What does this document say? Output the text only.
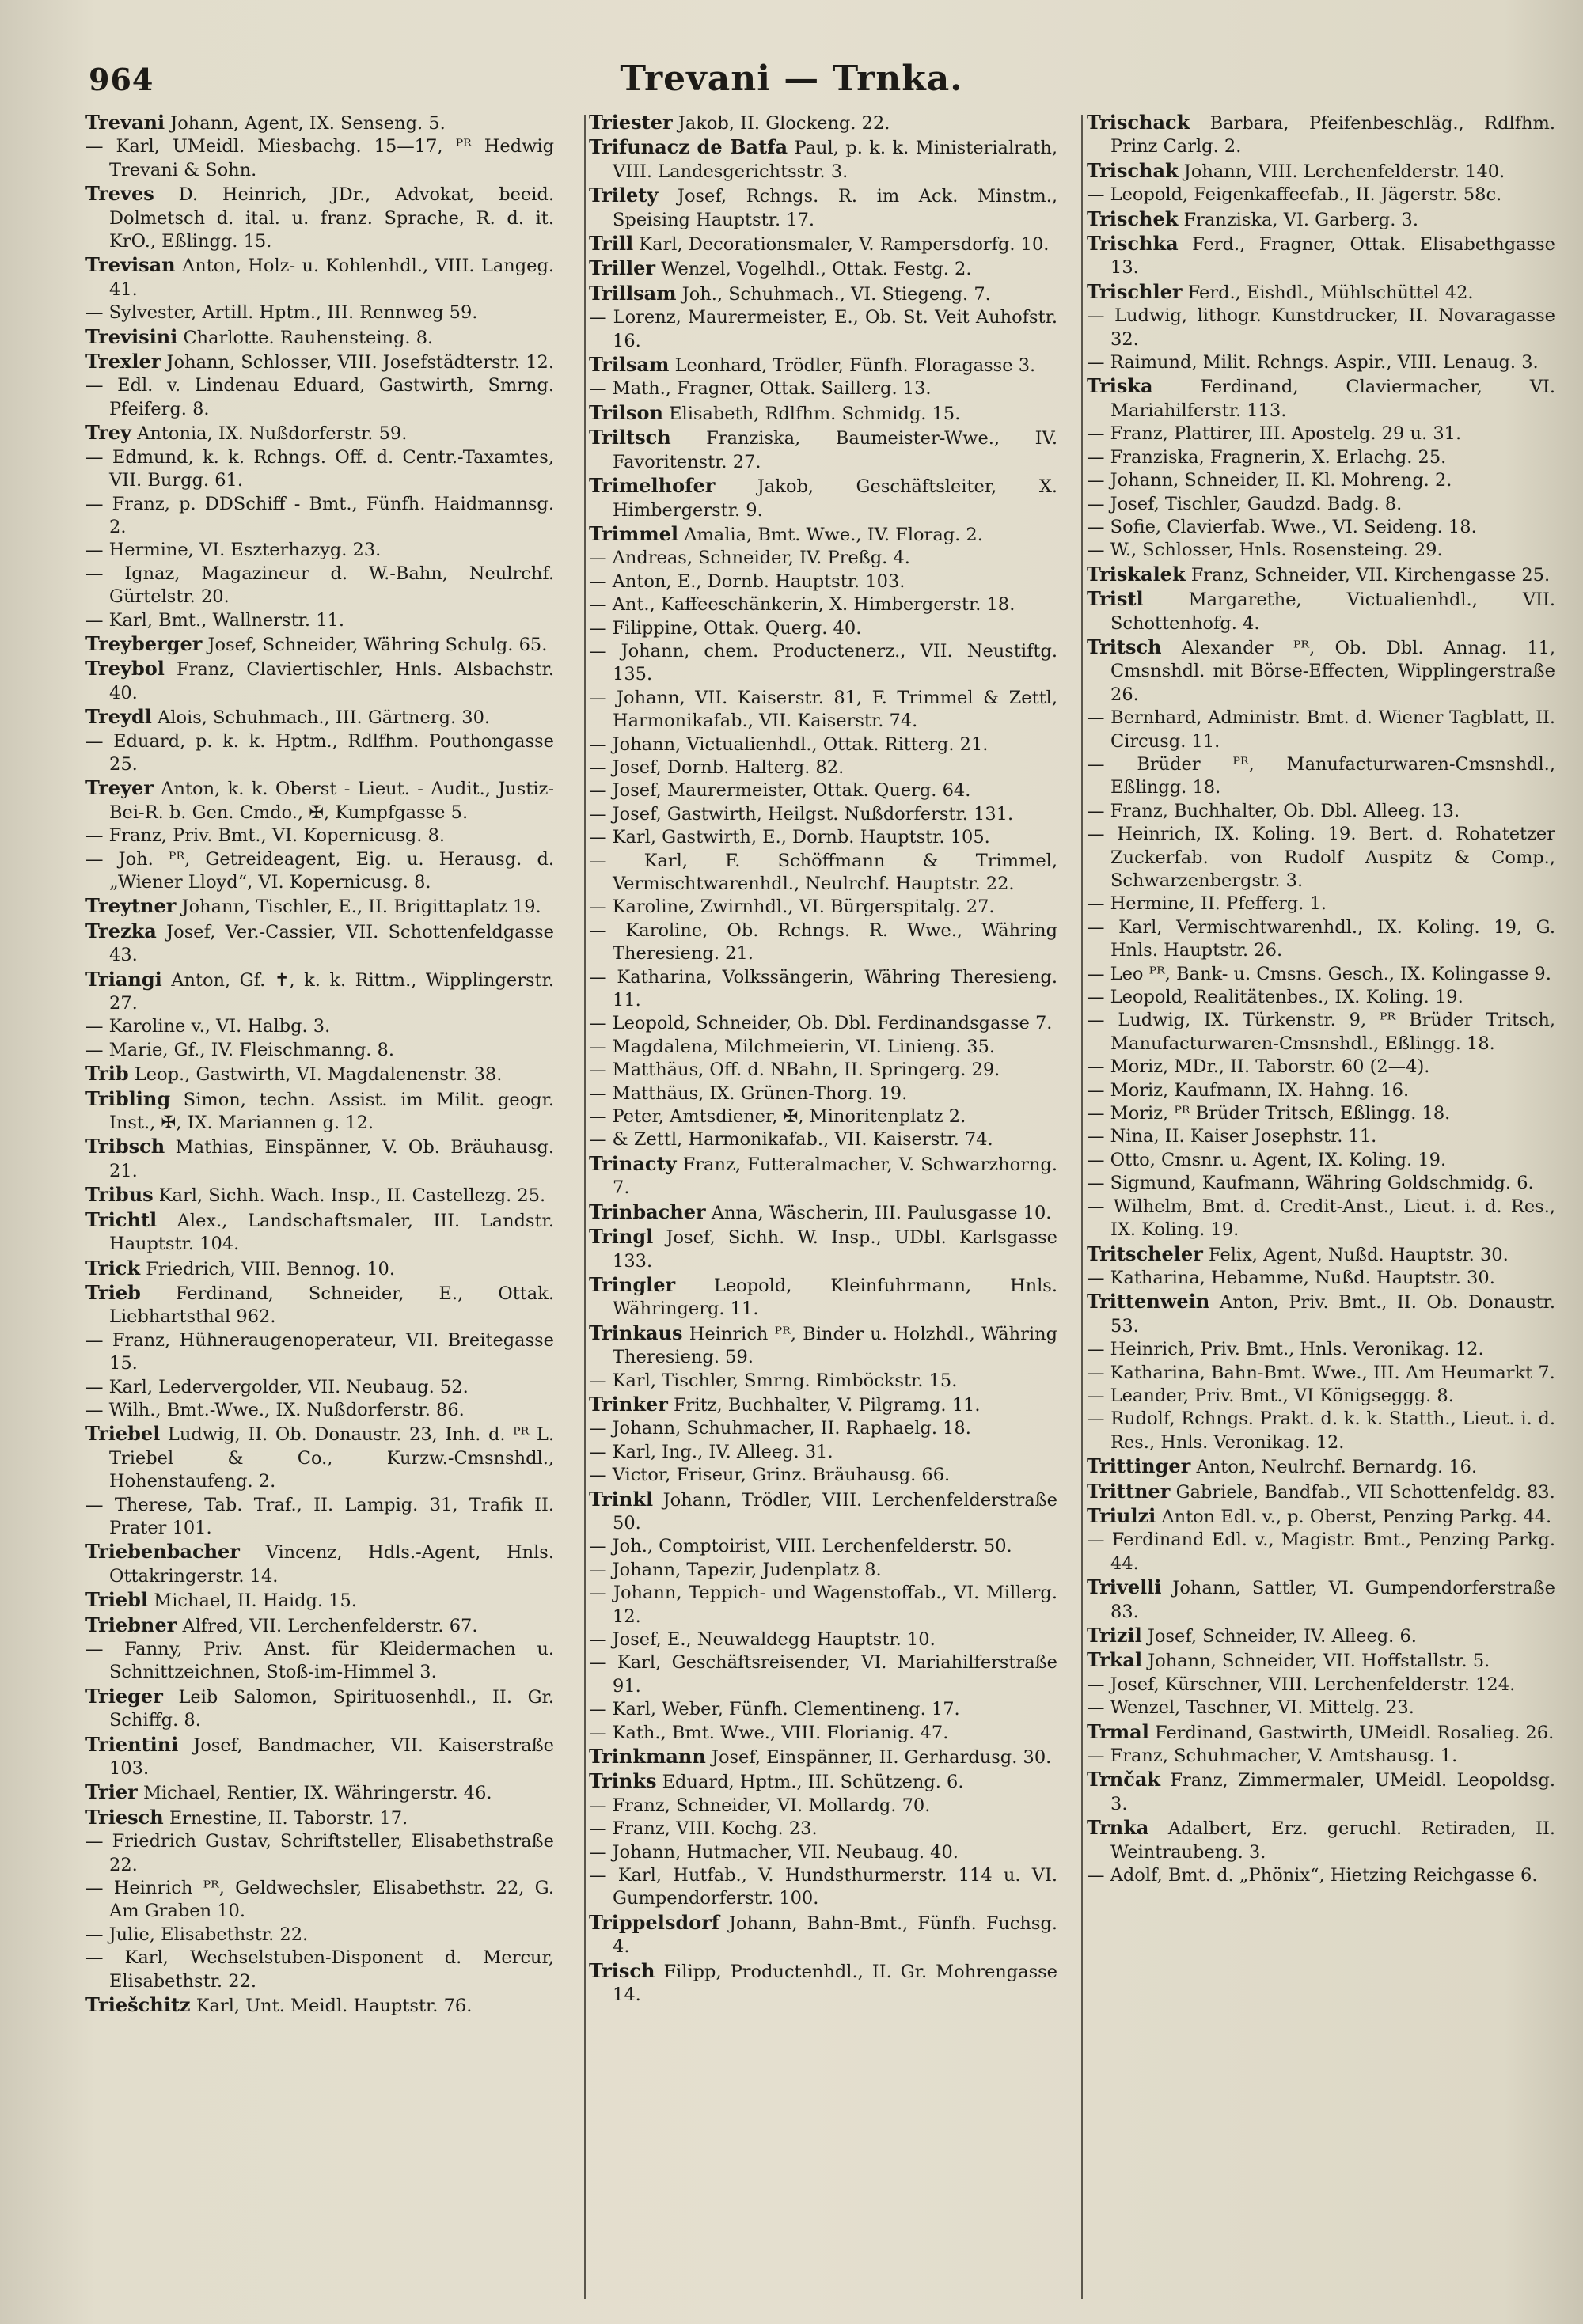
964	Trevani — Trnka.
Trevani Johann, Agent, IX. Senseng. 5.
— Karl, UMeidl. Miesbachg. 15—17, ᴾᴿ Hedwig Trevani & Sohn.
Treves D. Heinrich, JDr., Advokat, beeid. Dolmetsch d. ital. u. franz. Sprache, R. d. it. KrO., Eßlingg. 15.
Trevisan Anton, Holz- u. Kohlenhdl., VIII. Langeg. 41.
— Sylvester, Artill. Hptm., III. Rennweg 59.
Trevisini Charlotte. Rauhensteing. 8.
Trexler Johann, Schlosser, VIII. Josefstädterstr. 12.
— Edl. v. Lindenau Eduard, Gastwirth, Smrng. Pfeiferg. 8.
Trey Antonia, IX. Nußdorferstr. 59.
— Edmund, k. k. Rchngs. Off. d. Centr.-Taxamtes, VII. Burgg. 61.
— Franz, p. DDSchiff - Bmt., Fünfh. Haidmannsg. 2.
— Hermine, VI. Eszterhazyg. 23.
— Ignaz, Magazineur d. W.-Bahn, Neulrchf. Gürtelstr. 20.
— Karl, Bmt., Wallnerstr. 11.
Treyberger Josef, Schneider, Währing Schulg. 65.
Treybol Franz, Claviertischler, Hnls. Alsbachstr. 40.
Treydl Alois, Schuhmach., III. Gärtnerg. 30.
— Eduard, p. k. k. Hptm., Rdlfhm. Pouthongasse 25.
Treyer Anton, k. k. Oberst - Lieut. - Audit., Justiz-Bei-R. b. Gen. Cmdo., ✠, Kumpfgasse 5.
— Franz, Priv. Bmt., VI. Kopernicusg. 8.
— Joh. ᴾᴿ, Getreideagent, Eig. u. Herausg. d. „Wiener Lloyd“, VI. Kopernicusg. 8.
Treytner Johann, Tischler, E., II. Brigittaplatz 19.
Trezka Josef, Ver.-Cassier, VII. Schottenfeldgasse 43.
Triangi Anton, Gf. ✝, k. k. Rittm., Wipplingerstr. 27.
— Karoline v., VI. Halbg. 3.
— Marie, Gf., IV. Fleischmanng. 8.
Trib Leop., Gastwirth, VI. Magdalenenstr. 38.
Tribling Simon, techn. Assist. im Milit. geogr. Inst., ✠, IX. Mariannen g. 12.
Tribsch Mathias, Einspänner, V. Ob. Bräuhausg. 21.
Tribus Karl, Sichh. Wach. Insp., II. Castellezg. 25.
Trichtl Alex., Landschaftsmaler, III. Landstr. Hauptstr. 104.
Trick Friedrich, VIII. Bennog. 10.
Trieb Ferdinand, Schneider, E., Ottak. Liebhartsthal 962.
— Franz, Hühneraugenoperateur, VII. Breitegasse 15.
— Karl, Ledervergolder, VII. Neubaug. 52.
— Wilh., Bmt.-Wwe., IX. Nußdorferstr. 86.
Triebel Ludwig, II. Ob. Donaustr. 23, Inh. d. ᴾᴿ L. Triebel & Co., Kurzw.-Cmsnshdl., Hohenstaufeng. 2.
— Therese, Tab. Traf., II. Lampig. 31, Trafik II. Prater 101.
Triebenbacher Vincenz, Hdls.-Agent, Hnls. Ottakringerstr. 14.
Triebl Michael, II. Haidg. 15.
Triebner Alfred, VII. Lerchenfelderstr. 67.
— Fanny, Priv. Anst. für Kleidermachen u. Schnittzeichnen, Stoß-im-Himmel 3.
Trieger Leib Salomon, Spirituosenhdl., II. Gr. Schiffg. 8.
Trientini Josef, Bandmacher, VII. Kaiserstraße 103.
Trier Michael, Rentier, IX. Währingerstr. 46.
Triesch Ernestine, II. Taborstr. 17.
— Friedrich Gustav, Schriftsteller, Elisabethstraße 22.
— Heinrich ᴾᴿ, Geldwechsler, Elisabethstr. 22, G. Am Graben 10.
— Julie, Elisabethstr. 22.
— Karl, Wechselstuben-Disponent d. Mercur, Elisabethstr. 22.
Triešchitz Karl, Unt. Meidl. Hauptstr. 76.
Triester Jakob, II. Glockeng. 22.
Trifunacz de Batfa Paul, p. k. k. Ministerialrath, VIII. Landesgerichtsstr. 3.
Trilety Josef, Rchngs. R. im Ack. Minstm., Speising Hauptstr. 17.
Trill Karl, Decorationsmaler, V. Rampersdorfg. 10.
Triller Wenzel, Vogelhdl., Ottak. Festg. 2.
Trillsam Joh., Schuhmach., VI. Stiegeng. 7.
— Lorenz, Maurermeister, E., Ob. St. Veit Auhofstr. 16.
Trilsam Leonhard, Trödler, Fünfh. Floragasse 3.
— Math., Fragner, Ottak. Saillerg. 13.
Trilson Elisabeth, Rdlfhm. Schmidg. 15.
Triltsch Franziska, Baumeister-Wwe., IV. Favoritenstr. 27.
Trimelhofer Jakob, Geschäftsleiter, X. Himbergerstr. 9.
Trimmel Amalia, Bmt. Wwe., IV. Florag. 2.
— Andreas, Schneider, IV. Preßg. 4.
— Anton, E., Dornb. Hauptstr. 103.
— Ant., Kaffeeschänkerin, X. Himbergerstr. 18.
— Filippine, Ottak. Querg. 40.
— Johann, chem. Productenerz., VII. Neustiftg. 135.
— Johann, VII. Kaiserstr. 81, F. Trimmel & Zettl, Harmonikafab., VII. Kaiserstr. 74.
— Johann, Victualienhdl., Ottak. Ritterg. 21.
— Josef, Dornb. Halterg. 82.
— Josef, Maurermeister, Ottak. Querg. 64.
— Josef, Gastwirth, Heilgst. Nußdorferstr. 131.
— Karl, Gastwirth, E., Dornb. Hauptstr. 105.
— Karl, F. Schöffmann & Trimmel, Vermischtwarenhdl., Neulrchf. Hauptstr. 22.
— Karoline, Zwirnhdl., VI. Bürgerspitalg. 27.
— Karoline, Ob. Rchngs. R. Wwe., Währing Theresieng. 21.
— Katharina, Volkssängerin, Währing Theresieng. 11.
— Leopold, Schneider, Ob. Dbl. Ferdinandsgasse 7.
— Magdalena, Milchmeierin, VI. Linieng. 35.
— Matthäus, Off. d. NBahn, II. Springerg. 29.
— Matthäus, IX. Grünen-Thorg. 19.
— Peter, Amtsdiener, ✠, Minoritenplatz 2.
— & Zettl, Harmonikafab., VII. Kaiserstr. 74.
Trinacty Franz, Futteralmacher, V. Schwarzhorng. 7.
Trinbacher Anna, Wäscherin, III. Paulusgasse 10.
Tringl Josef, Sichh. W. Insp., UDbl. Karlsgasse 133.
Tringler Leopold, Kleinfuhrmann, Hnls. Währingerg. 11.
Trinkaus Heinrich ᴾᴿ, Binder u. Holzhdl., Währing Theresieng. 59.
— Karl, Tischler, Smrng. Rimböckstr. 15.
Trinker Fritz, Buchhalter, V. Pilgramg. 11.
— Johann, Schuhmacher, II. Raphaelg. 18.
— Karl, Ing., IV. Alleeg. 31.
— Victor, Friseur, Grinz. Bräuhausg. 66.
Trinkl Johann, Trödler, VIII. Lerchenfelderstraße 50.
— Joh., Comptoirist, VIII. Lerchenfelderstr. 50.
— Johann, Tapezir, Judenplatz 8.
— Johann, Teppich- und Wagenstoffab., VI. Millerg. 12.
— Josef, E., Neuwaldegg Hauptstr. 10.
— Karl, Geschäftsreisender, VI. Mariahilferstraße 91.
— Karl, Weber, Fünfh. Clementineng. 17.
— Kath., Bmt. Wwe., VIII. Florianig. 47.
Trinkmann Josef, Einspänner, II. Gerhardusg. 30.
Trinks Eduard, Hptm., III. Schützeng. 6.
— Franz, Schneider, VI. Mollardg. 70.
— Franz, VIII. Kochg. 23.
— Johann, Hutmacher, VII. Neubaug. 40.
— Karl, Hutfab., V. Hundsthurmerstr. 114 u. VI. Gumpendorferstr. 100.
Trippelsdorf Johann, Bahn-Bmt., Fünfh. Fuchsg. 4.
Trisch Filipp, Productenhdl., II. Gr. Mohrengasse 14.
Trischack Barbara, Pfeifenbeschläg., Rdlfhm. Prinz Carlg. 2.
Trischak Johann, VIII. Lerchenfelderstr. 140.
— Leopold, Feigenkaffeefab., II. Jägerstr. 58c.
Trischek Franziska, VI. Garberg. 3.
Trischka Ferd., Fragner, Ottak. Elisabethgasse 13.
Trischler Ferd., Eishdl., Mühlschüttel 42.
— Ludwig, lithogr. Kunstdrucker, II. Novaragasse 32.
— Raimund, Milit. Rchngs. Aspir., VIII. Lenaug. 3.
Triska Ferdinand, Claviermacher, VI. Mariahilferstr. 113.
— Franz, Plattirer, III. Apostelg. 29 u. 31.
— Franziska, Fragnerin, X. Erlachg. 25.
— Johann, Schneider, II. Kl. Mohreng. 2.
— Josef, Tischler, Gaudzd. Badg. 8.
— Sofie, Clavierfab. Wwe., VI. Seideng. 18.
— W., Schlosser, Hnls. Rosensteing. 29.
Triskalek Franz, Schneider, VII. Kirchengasse 25.
Tristl Margarethe, Victualienhdl., VII. Schottenhofg. 4.
Tritsch Alexander ᴾᴿ, Ob. Dbl. Annag. 11, Cmsnshdl. mit Börse-Effecten, Wipplingerstraße 26.
— Bernhard, Administr. Bmt. d. Wiener Tagblatt, II. Circusg. 11.
— Brüder ᴾᴿ, Manufacturwaren-Cmsnshdl., Eßlingg. 18.
— Franz, Buchhalter, Ob. Dbl. Alleeg. 13.
— Heinrich, IX. Koling. 19. Bert. d. Rohatetzer Zuckerfab. von Rudolf Auspitz & Comp., Schwarzenbergstr. 3.
— Hermine, II. Pfefferg. 1.
— Karl, Vermischtwarenhdl., IX. Koling. 19, G. Hnls. Hauptstr. 26.
— Leo ᴾᴿ, Bank- u. Cmsns. Gesch., IX. Kolingasse 9.
— Leopold, Realitätenbes., IX. Koling. 19.
— Ludwig, IX. Türkenstr. 9, ᴾᴿ Brüder Tritsch, Manufacturwaren-Cmsnshdl., Eßlingg. 18.
— Moriz, MDr., II. Taborstr. 60 (2—4).
— Moriz, Kaufmann, IX. Hahng. 16.
— Moriz, ᴾᴿ Brüder Tritsch, Eßlingg. 18.
— Nina, II. Kaiser Josephstr. 11.
— Otto, Cmsnr. u. Agent, IX. Koling. 19.
— Sigmund, Kaufmann, Währing Goldschmidg. 6.
— Wilhelm, Bmt. d. Credit-Anst., Lieut. i. d. Res., IX. Koling. 19.
Tritscheler Felix, Agent, Nußd. Hauptstr. 30.
— Katharina, Hebamme, Nußd. Hauptstr. 30.
Trittenwein Anton, Priv. Bmt., II. Ob. Donaustr. 53.
— Heinrich, Priv. Bmt., Hnls. Veronikag. 12.
— Katharina, Bahn-Bmt. Wwe., III. Am Heumarkt 7.
— Leander, Priv. Bmt., VI Königseggg. 8.
— Rudolf, Rchngs. Prakt. d. k. k. Statth., Lieut. i. d. Res., Hnls. Veronikag. 12.
Trittinger Anton, Neulrchf. Bernardg. 16.
Trittner Gabriele, Bandfab., VII Schottenfeldg. 83.
Triulzi Anton Edl. v., p. Oberst, Penzing Parkg. 44.
— Ferdinand Edl. v., Magistr. Bmt., Penzing Parkg. 44.
Trivelli Johann, Sattler, VI. Gumpendorferstraße 83.
Trizil Josef, Schneider, IV. Alleeg. 6.
Trkal Johann, Schneider, VII. Hoffstallstr. 5.
— Josef, Kürschner, VIII. Lerchenfelderstr. 124.
— Wenzel, Taschner, VI. Mittelg. 23.
Trmal Ferdinand, Gastwirth, UMeidl. Rosalieg. 26.
— Franz, Schuhmacher, V. Amtshausg. 1.
Trnčak Franz, Zimmermaler, UMeidl. Leopoldsg. 3.
Trnka Adalbert, Erz. geruchl. Retiraden, II. Weintraubeng. 3.
— Adolf, Bmt. d. „Phönix“, Hietzing Reichgasse 6.
